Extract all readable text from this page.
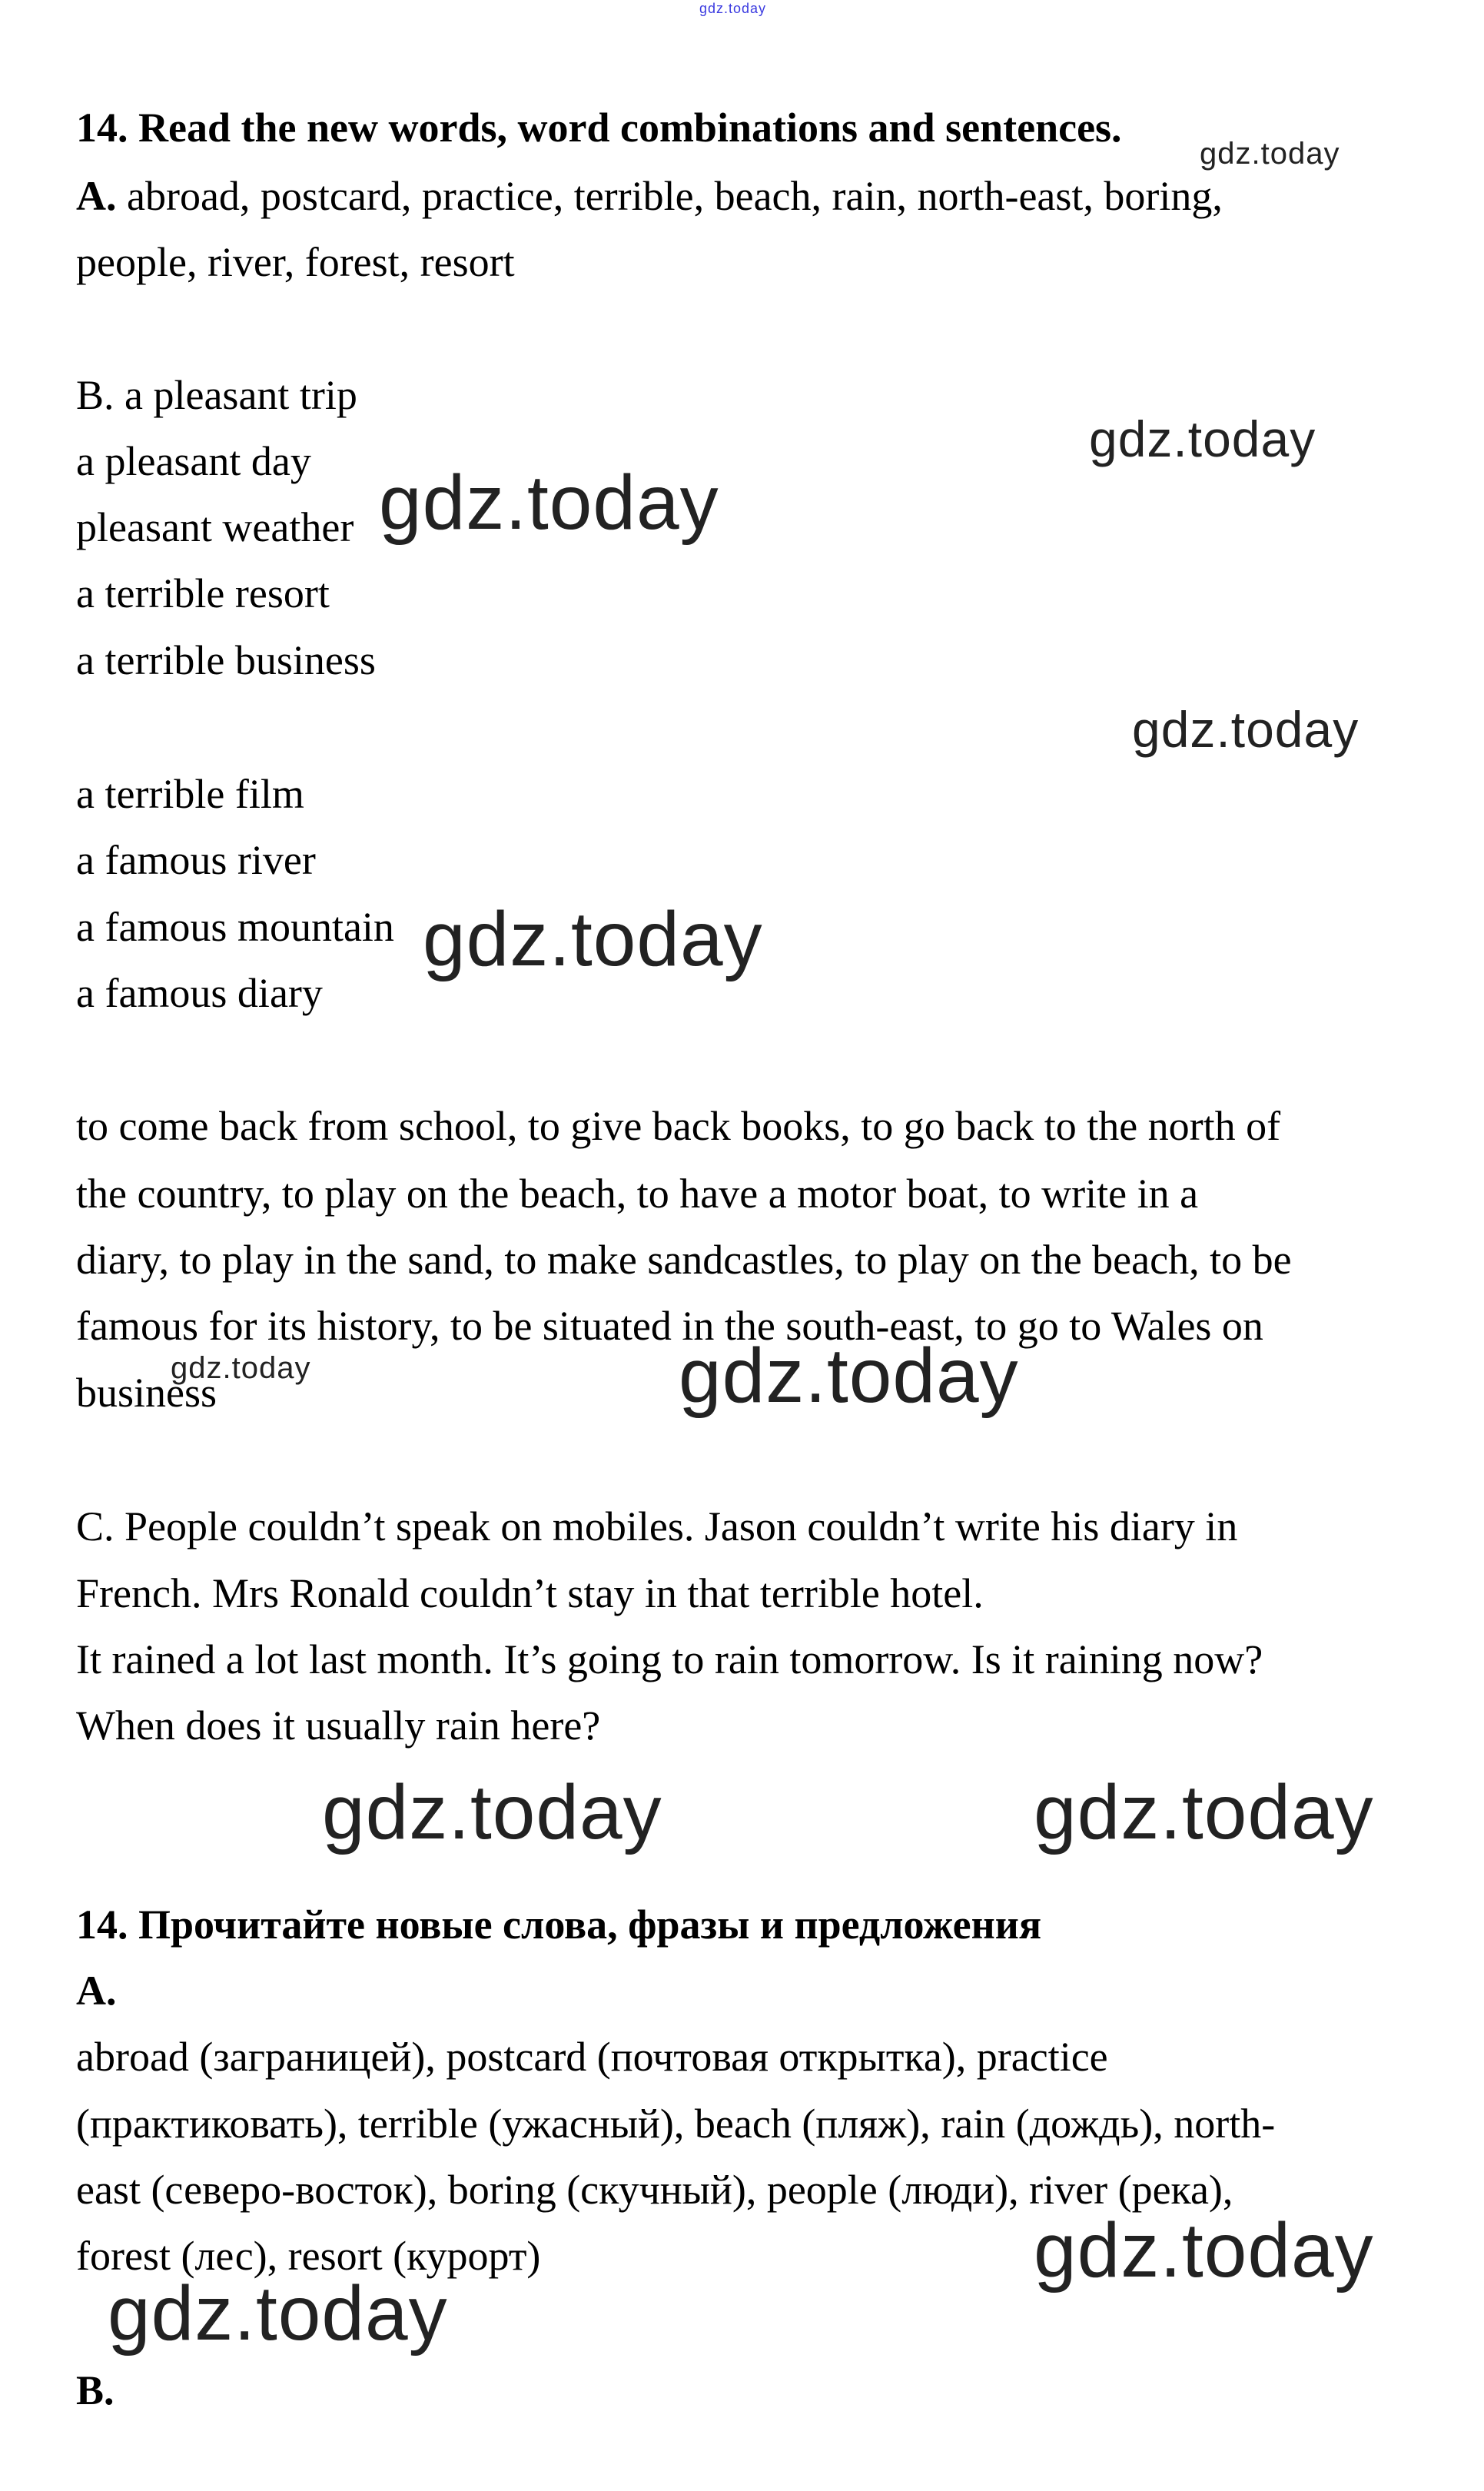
gdz.today
gdz.today
gdz.today
gdz.today
gdz.today
gdz.today
gdz.today	gdz.today
gdz.today	gdz.today
gdz.today
gdz.today
14. Read the new words, word combinations and sentences.
A. abroad, postcard, practice, terrible, beach, rain, north-east, boring,
people, river, forest, resort
B. a pleasant trip
a pleasant day
pleasant weather
a terrible resort
a terrible business
a terrible film
a famous river
a famous mountain
a famous diary
to come back from school, to give back books, to go back to the north of
the country, to play on the beach, to have a motor boat, to write in a
diary, to play in the sand, to make sandcastles, to play on the beach, to be
famous for its history, to be situated in the south-east, to go to Wales on
business
C. People couldn’t speak on mobiles. Jason couldn’t write his diary in
French. Mrs Ronald couldn’t stay in that terrible hotel.
It rained a lot last month. It’s going to rain tomorrow. Is it raining now?
When does it usually rain here?
14. Прочитайте новые слова, фразы и предложения
A.
abroad (заграницей), postcard (почтовая открытка), practice
(практиковать), terrible (ужасный), beach (пляж), rain (дождь), north-
east (северо-восток), boring (скучный), people (люди), river (река),
forest (лес), resort (курорт)
B.
